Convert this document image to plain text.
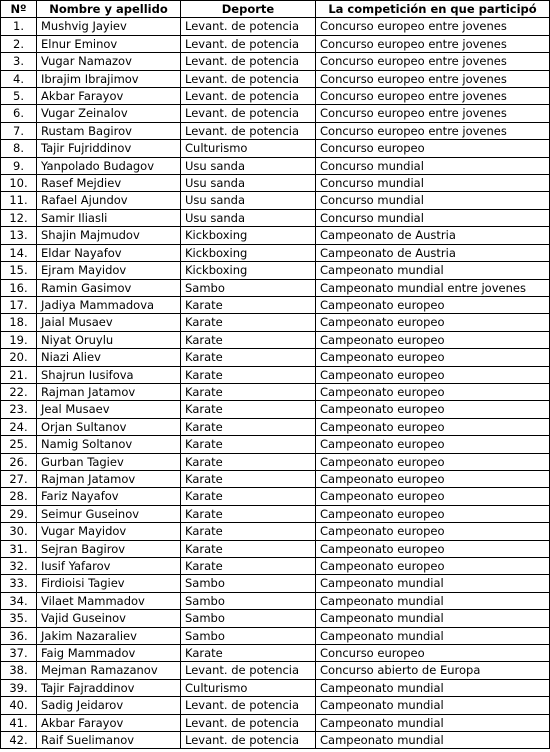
Nº	Nombre y apellido	Deporte	La competición en que participó
1.	Mushvig Jayiev	Levant. de potencia	Concurso europeo entre jovenes
2.	Elnur Eminov	Levant. de potencia	Concurso europeo entre jovenes
3.	Vugar Namazov	Levant. de potencia	Concurso europeo entre jovenes
4.	Ibrajim Ibrajimov	Levant. de potencia	Concurso europeo entre jovenes
5.	Akbar Farayov	Levant. de potencia	Concurso europeo entre jovenes
6.	Vugar Zeinalov	Levant. de potencia	Concurso europeo entre jovenes
7.	Rustam Bagirov	Levant. de potencia	Concurso europeo entre jovenes
8.	Tajir Fujriddinov	Culturismo	Concurso europeo
9.	Yanpolado Budagov	Usu sanda	Concurso mundial
10.	Rasef Mejdiev	Usu sanda	Concurso mundial
11.	Rafael Ajundov	Usu sanda	Concurso mundial
12.	Samir Iliasli	Usu sanda	Concurso mundial
13.	Shajin Majmudov	Kickboxing	Campeonato de Austria
14.	Eldar Nayafov	Kickboxing	Campeonato de Austria
15.	Ejram Mayidov	Kickboxing	Campeonato mundial
16.	Ramin Gasimov	Sambo	Campeonato mundial entre jovenes
17.	Jadiya Mammadova	Karate	Campeonato europeo
18.	Jaial Musaev	Karate	Campeonato europeo
19.	Niyat Oruylu	Karate	Campeonato europeo
20.	Niazi Aliev	Karate	Campeonato europeo
21.	Shajrun Iusifova	Karate	Campeonato europeo
22.	Rajman Jatamov	Karate	Campeonato europeo
23.	Jeal Musaev	Karate	Campeonato europeo
24.	Orjan Sultanov	Karate	Campeonato europeo
25.	Namig Soltanov	Karate	Campeonato europeo
26.	Gurban Tagiev	Karate	Campeonato europeo
27.	Rajman Jatamov	Karate	Campeonato europeo
28.	Fariz Nayafov	Karate	Campeonato europeo
29.	Seimur Guseinov	Karate	Campeonato europeo
30.	Vugar Mayidov	Karate	Campeonato europeo
31.	Sejran Bagirov	Karate	Campeonato europeo
32.	Iusif Yafarov	Karate	Campeonato europeo
33.	Firdioisi Tagiev	Sambo	Campeonato mundial
34.	Vilaet Mammadov	Sambo	Campeonato mundial
35.	Vajid Guseinov	Sambo	Campeonato mundial
36.	Jakim Nazaraliev	Sambo	Campeonato mundial
37.	Faig Mammadov	Karate	Concurso europeo
38.	Mejman Ramazanov	Levant. de potencia	Concurso abierto de Europa
39.	Tajir Fajraddinov	Culturismo	Campeonato mundial
40.	Sadig Jeidarov	Levant. de potencia	Campeonato mundial
41.	Akbar Farayov	Levant. de potencia	Campeonato mundial
42.	Raif Suelimanov	Levant. de potencia	Campeonato mundial
